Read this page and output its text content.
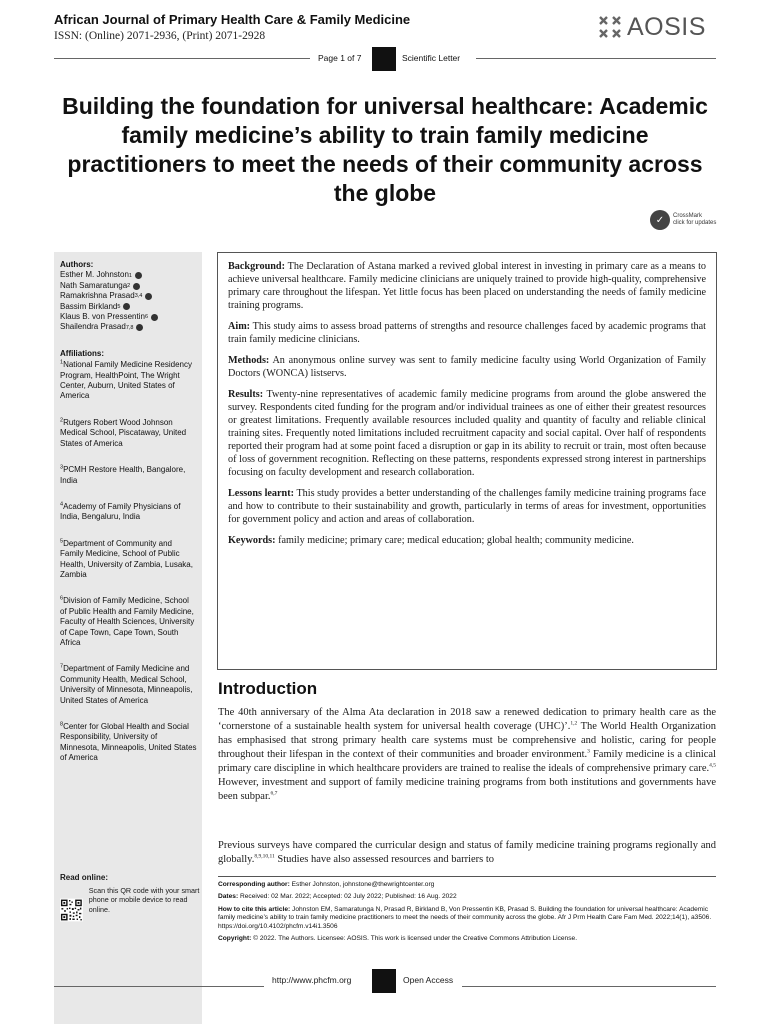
African Journal of Primary Health Care & Family Medicine
ISSN: (Online) 2071-2936, (Print) 2071-2928	AOSIS
Page 1 of 7	Scientific Letter
Building the foundation for universal healthcare: Academic family medicine’s ability to train family medicine practitioners to meet the needs of their community across the globe
✓	CrossMark
click for updates
Authors:
Esther M. Johnston 1
Nath Samaratunga 2
Ramakrishna Prasad 3,4
Bassim Birkland 5
Klaus B. von Pressentin 6
Shailendra Prasad 7,8
Affiliations:
$^1$National Family Medicine Residency Program, HealthPoint, The Wright Center, Auburn, United States of America
$^2$Rutgers Robert Wood Johnson Medical School, Piscataway, United States of America
$^3$PCMH Restore Health, Bangalore, India
$^4$Academy of Family Physicians of India, Bengaluru, India
$^5$Department of Community and Family Medicine, School of Public Health, University of Zambia, Lusaka, Zambia
$^6$Division of Family Medicine, School of Public Health and Family Medicine, Faculty of Health Sciences, University of Cape Town, Cape Town, South Africa
$^7$Department of Family Medicine and Community Health, Medical School, University of Minnesota, Minneapolis, United States of America
$^8$Center for Global Health and Social Responsibility, University of Minnesota, Minneapolis, United States of America
Read online:
Scan this QR code with your smart phone or mobile device to read online.

Background: The Declaration of Astana marked a revived global interest in investing in primary care as a means to achieve universal healthcare. Family medicine clinicians are uniquely trained to provide high-quality, comprehensive primary care throughout the lifespan. Yet little focus has been placed on understanding the needs of family medicine training programs.

Aim: This study aims to assess broad patterns of strengths and resource challenges faced by academic programs that train family medicine clinicians.

Methods: An anonymous online survey was sent to family medicine faculty using World Organization of Family Doctors (WONCA) listservs.

Results: Twenty-nine representatives of academic family medicine programs from around the globe answered the survey. Respondents cited funding for the program and/or individual trainees as one of either their greatest resources or greatest limitations. Frequently available resources included quality and quantity of faculty and reliable clinical training sites. Frequently noted limitations included recruitment capacity and social capital. Over half of respondents reported their program had at some point faced a disruption or gap in its ability to recruit or train, most often because of loss of government recognition. Reflecting on these patterns, respondents expressed strong interest in partnerships focusing on faculty development and research collaboration.

Lessons learnt: This study provides a better understanding of the challenges family medicine training programs face and how to contribute to their sustainability and growth, particularly in terms of areas for investment, opportunities for government policy and action and areas of collaboration.

Keywords: family medicine; primary care; medical education; global health; community medicine.

Introduction

The 40th anniversary of the Alma Ata declaration in 2018 saw a renewed dedication to primary health care as the ‘cornerstone of a sustainable health system for universal health coverage (UHC)’.$^{1,2}$ The World Health Organization has emphasised that strong primary health care systems must be comprehensive and holistic, caring for people throughout their lifespan in the context of their communities and broader environment.$^3$ Family medicine is a clinical primary care discipline in which healthcare providers are trained to realise the ideals of comprehensive primary care.$^{4,5}$ However, investment and support of family medicine training programs from both institutions and governments have been subpar.$^{6,7}$

Previous surveys have compared the curricular design and status of family medicine training programs regionally and globally.$^{8,9,10,11}$ Studies have also assessed resources and barriers to

Corresponding author: Esther Johnston, johnstone@thewrightcenter.org

Dates: Received: 02 Mar. 2022; Accepted: 02 July 2022; Published: 16 Aug. 2022

How to cite this article: Johnston EM, Samaratunga N, Prasad R, Birkland B, Von Pressentin KB, Prasad S. Building the foundation for universal healthcare: Academic family medicine’s ability to train family medicine practitioners to meet the needs of their community across the globe. Afr J Prm Health Care Fam Med. 2022;14(1), a3506. https://doi.org/10.4102/phcfm.v14i1.3506

Copyright: © 2022. The Authors. Licensee: AOSIS. This work is licensed under the Creative Commons Attribution License.

http://www.phcfm.org	Open Access
